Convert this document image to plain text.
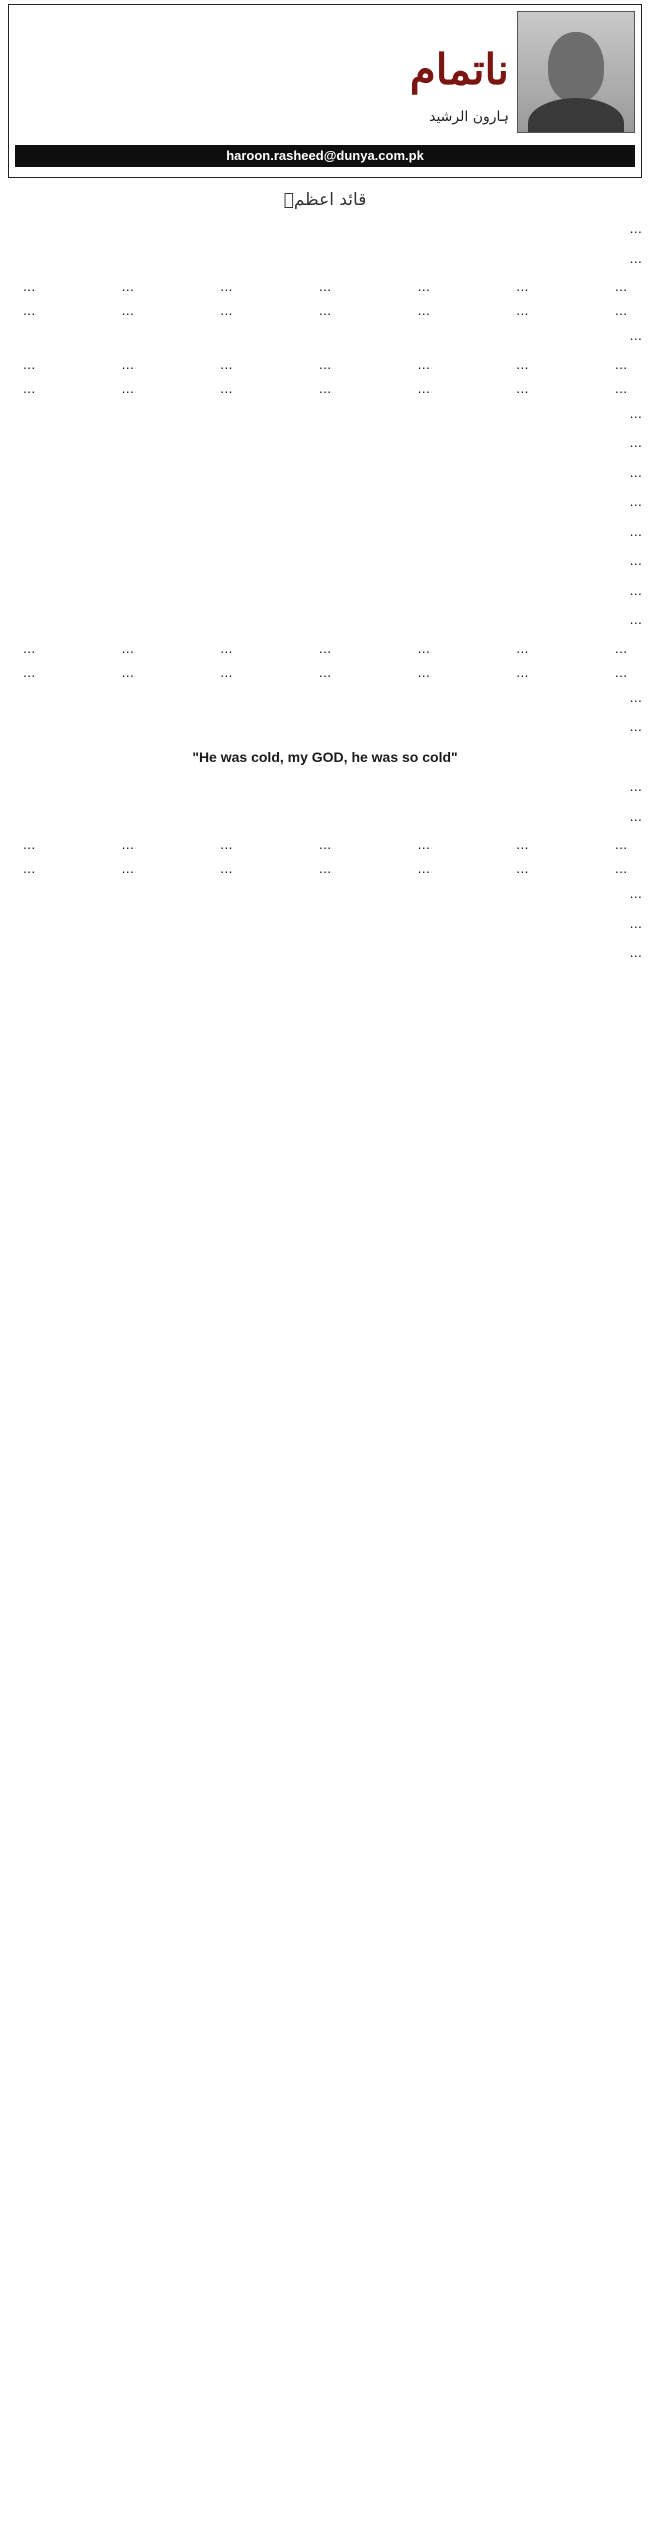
ناتمام
ہارون الرشید
haroon.rasheed@dunya.com.pk
قائد اعظمؒ

…

…

…
…
…
…
…
…
…
…
…
…
…
…
…
…

…

…
…
…
…
…
…
…
…
…
…
…
…
…
…

…

…

…

…

…

…

…

…

…
…
…
…
…
…
…
…
…
…
…
…
…
…

…

…

"He was cold, my GOD, he was so cold"

…

…

…
…
…
…
…
…
…
…
…
…
…
…
…
…

…

…

…
